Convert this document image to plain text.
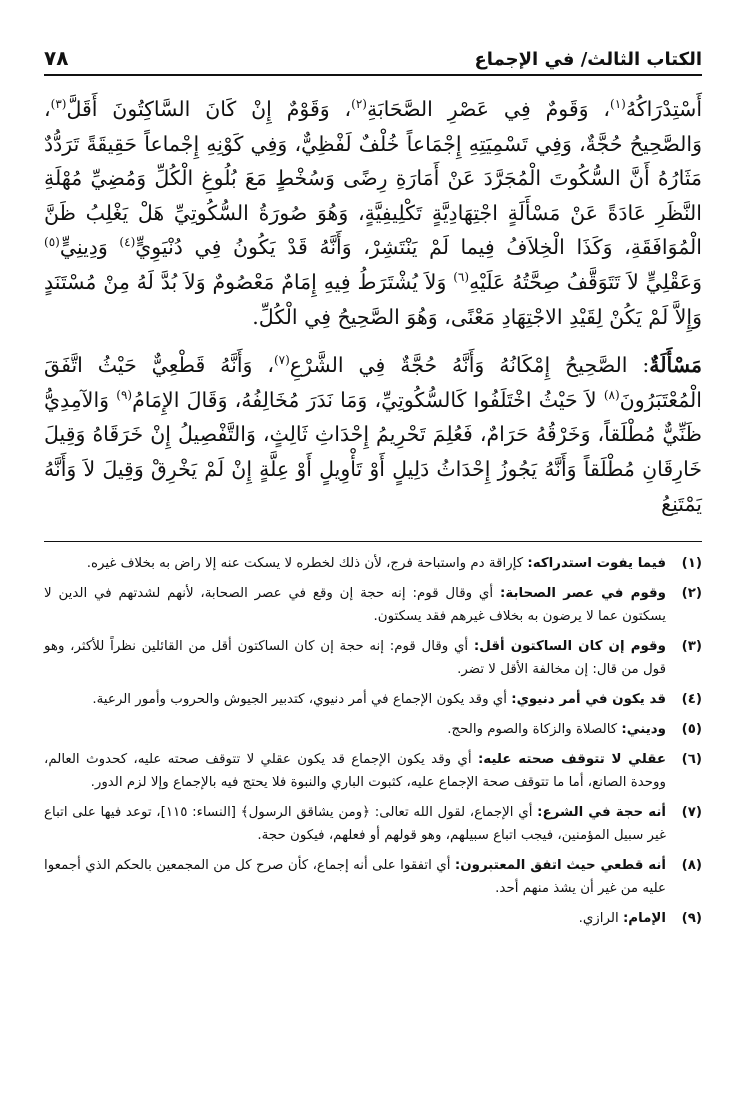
٧٨	الكتاب الثالث/ في الإجماع

أَسْتِدْرَاكُهُ$^{(١)}$، وَقَومٌ فِي عَصْرِ الصَّحَابَةِ$^{(٢)}$، وَقَوْمٌ إِنْ كَانَ السَّاكِتُونَ أَقَلَّ$^{(٣)}$، وَالصَّحِيحُ حُجَّةٌ، وَفِي تَسْمِيَتِهِ إِجْمَاعاً خُلْفٌ لَفْظِيٌّ، وَفِي كَوْنِهِ إِجْماعاً حَقِيقَةً تَرَدُّدٌ مَثَارُهُ أَنَّ السُّكُوتَ الْمُجَرَّدَ عَنْ أَمَارَةِ رِضًى وَسُخْطٍ مَعَ بُلُوغِ الْكُلِّ وَمُضِيِّ مُهْلَةِ النَّظَرِ عَادَةً عَنْ مَسْأَلَةٍ اجْتِهَادِيَّةٍ تَكْلِيفِيَّةٍ، وَهُوَ صُورَةُ السُّكُوتِيِّ هَلْ يَغْلِبُ ظَنَّ الْمُوَافَقَةِ، وَكَذَا الْخِلاَفُ فِيما لَمْ يَنْتَشِرْ، وَأَنَّهُ قَدْ يَكُونُ فِي دُنْيَوِيٍّ$^{(٤)}$ وَدِينِيٍّ$^{(٥)}$ وَعَقْلِيٍّ لاَ تَتَوَقَّفُ صِحَّتُهُ عَلَيْهِ$^{(٦)}$ وَلاَ يُشْتَرَطُ فِيهِ إِمَامٌ مَعْصُومٌ وَلاَ بُدَّ لَهُ مِنْ مُسْتَنَدٍ وَإِلاَّ لَمْ يَكُنْ لِقَيْدِ الاجْتِهَادِ مَعْنًى، وَهُوَ الصَّحِيحُ فِي الْكُلِّ.

مَسْأَلَةٌ: الصَّحِيحُ إِمْكَانُهُ وَأَنَّهُ حُجَّةٌ فِي الشَّرْعِ$^{(٧)}$، وَأَنَّهُ قَطْعِيٌّ حَيْثُ اتَّفَقَ الْمُعْتَبَرُونَ$^{(٨)}$ لاَ حَيْثُ اخْتَلَفُوا كَالسُّكُوتِيِّ، وَمَا نَدَرَ مُخَالِفُهُ، وَقَالَ الإِمَامُ$^{(٩)}$ وَالآمِدِيُّ ظَنِّيٌّ مُطْلَقاً، وَخَرْقُهُ حَرَامٌ، فَعُلِمَ تَحْرِيمُ إِحْدَاثِ ثَالِثٍ، وَالتَّفْصِيلُ إِنْ خَرَقَاهُ وَقِيلَ خَارِقَانِ مُطْلَقاً وَأَنَّهُ يَجُوزُ إِحْدَاثُ دَلِيلٍ أَوْ تَأْوِيلٍ أَوْ عِلَّةٍ إِنْ لَمْ يَخْرِقْ وَقِيلَ لاَ وَأَنَّهُ يَمْتَنِعُ

(١)
فيما يفوت استدراكه: كإراقة دم واستباحة فرج، لأن ذلك لخطره لا يسكت عنه إلا راض به بخلاف غيره.
(٢)
وقوم في عصر الصحابة: أي وقال قوم: إنه حجة إن وقع في عصر الصحابة، لأنهم لشدتهم في الدين لا يسكتون عما لا يرضون به بخلاف غيرهم فقد يسكتون.
(٣)
وقوم إن كان الساكتون أقل: أي وقال قوم: إنه حجة إن كان الساكتون أقل من القائلين نظراً للأكثر، وهو قول من قال: إن مخالفة الأقل لا تضر.
(٤)
قد يكون في أمر دنيوي: أي وقد يكون الإجماع في أمر دنيوي، كتدبير الجيوش والحروب وأمور الرعية.
(٥)
وديني: كالصلاة والزكاة والصوم والحج.
(٦)
عقلي لا تتوقف صحته عليه: أي وقد يكون الإجماع قد يكون عقلي لا تتوقف صحته عليه، كحدوث العالم، ووحدة الصانع، أما ما تتوقف صحة الإجماع عليه، كثبوت الباري والنبوة فلا يحتج فيه بالإجماع وإلا لزم الدور.
(٧)
أنه حجة في الشرع: أي الإجماع، لقول الله تعالى: ﴿ومن يشاقق الرسول﴾ [النساء: ١١٥]، توعد فيها على اتباع غير سبيل المؤمنين، فيجب اتباع سبيلهم، وهو قولهم أو فعلهم، فيكون حجة.
(٨)
أنه قطعي حيث اتفق المعتبرون: أي اتفقوا على أنه إجماع، كأن صرح كل من المجمعين بالحكم الذي أجمعوا عليه من غير أن يشذ منهم أحد.
(٩)
الإمام: الرازي.
